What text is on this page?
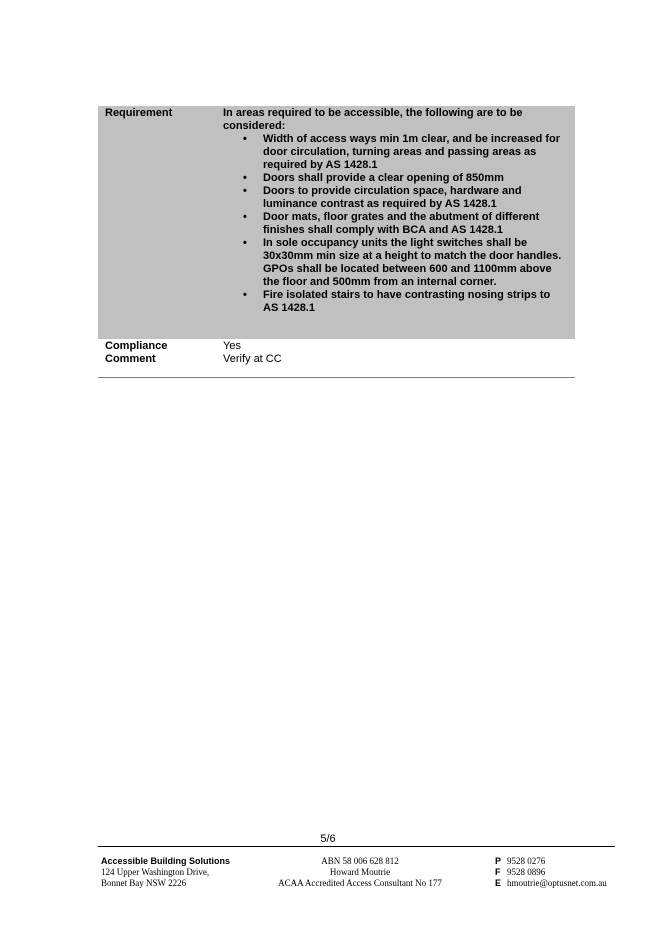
Requirement	In areas required to be accessible, the following are to be considered:

• Width of access ways min 1m clear, and be increased for door circulation, turning areas and passing areas as required by AS 1428.1
• Doors shall provide a clear opening of 850mm
• Doors to provide circulation space, hardware and luminance contrast as required by AS 1428.1
• Door mats, floor grates and the abutment of different finishes shall comply with BCA and AS 1428.1
• In sole occupancy units the light switches shall be 30x30mm min size at a height to match the door handles. GPOs shall be located between 600 and 1100mm above the floor and 500mm from an internal corner.
• Fire isolated stairs to have contrasting nosing strips to AS 1428.1
Compliance
Comment
Yes
Verify at CC
5/6
Accessible Building Solutions
124 Upper Washington Drive,
Bonnet Bay NSW 2226
ABN 58 006 628 812
Howard Moutrie
ACAA Accredited Access Consultant No 177
P 9528 0276
F 9528 0896
E hmoutrie@optusnet.com.au
